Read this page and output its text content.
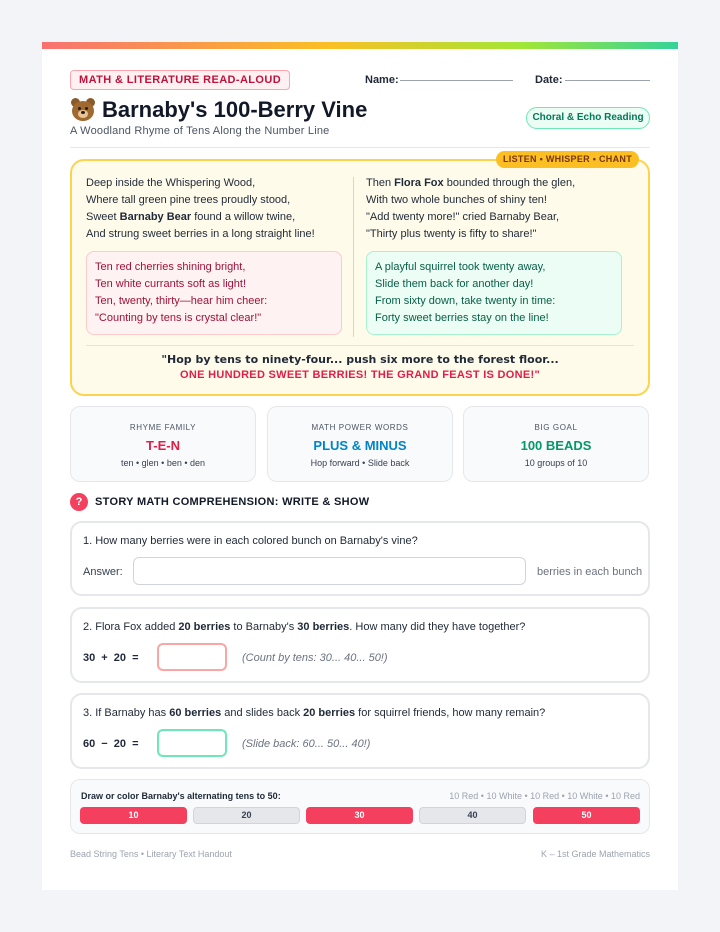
MATH & LITERATURE READ-ALOUD	Name:	Date:
Barnaby's 100-Berry Vine
A Woodland Rhyme of Tens Along the Number Line
Choral & Echo Reading
LISTEN • WHISPER • CHANT
Deep inside the Whispering Wood,
Where tall green pine trees proudly stood,
Sweet Barnaby Bear found a willow twine,
And strung sweet berries in a long straight line!
Then Flora Fox bounded through the glen,
With two whole bunches of shiny ten!
"Add twenty more!" cried Barnaby Bear,
"Thirty plus twenty is fifty to share!"
Ten red cherries shining bright,
Ten white currants soft as light!
Ten, twenty, thirty—hear him cheer:
"Counting by tens is crystal clear!"
A playful squirrel took twenty away,
Slide them back for another day!
From sixty down, take twenty in time:
Forty sweet berries stay on the line!
"Hop by tens to ninety-four... push six more to the forest floor...
ONE HUNDRED SWEET BERRIES! THE GRAND FEAST IS DONE!"
RHYME FAMILY
T-E-N
ten • glen • ben • den
MATH POWER WORDS
PLUS & MINUS
Hop forward • Slide back
BIG GOAL
100 BEADS
10 groups of 10
?	STORY MATH COMPREHENSION: WRITE & SHOW
1. How many berries were in each colored bunch on Barnaby's vine?
Answer:	berries in each bunch
2. Flora Fox added 20 berries to Barnaby's 30 berries. How many did they have together?
30 + 20 =	(Count by tens: 30... 40... 50!)
3. If Barnaby has 60 berries and slides back 20 berries for squirrel friends, how many remain?
60 − 20 =	(Slide back: 60... 50... 40!)
Draw or color Barnaby's alternating tens to 50:	10 Red • 10 White • 10 Red • 10 White • 10 Red
10	20	30	40	50
Bead String Tens • Literary Text Handout	K – 1st Grade Mathematics
